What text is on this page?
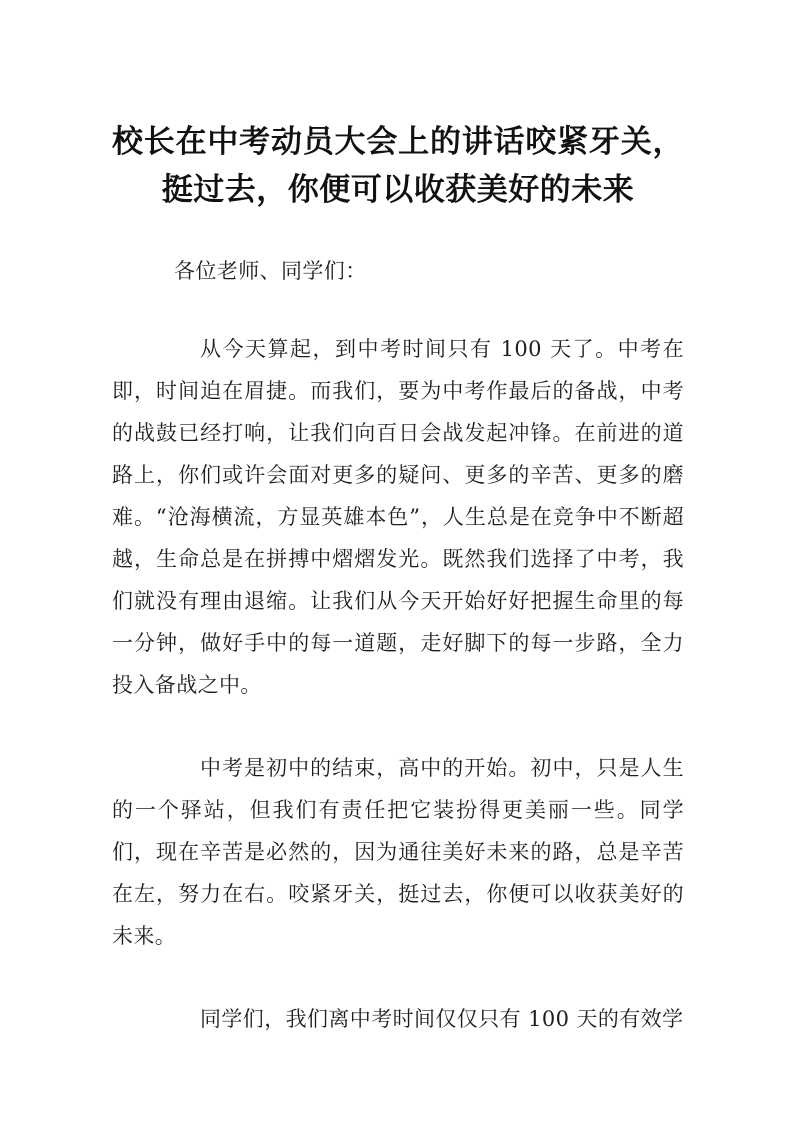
校长在中考动员大会上的讲话咬紧牙关，挺过去，你便可以收获美好的未来

各位老师、同学们：

从今天算起，到中考时间只有 100 天了。中考在即，时间迫在眉捷。而我们，要为中考作最后的备战，中考的战鼓已经打响，让我们向百日会战发起冲锋。在前进的道路上，你们或许会面对更多的疑问、更多的辛苦、更多的磨难。“沧海横流，方显英雄本色”，人生总是在竞争中不断超越，生命总是在拼搏中熠熠发光。既然我们选择了中考，我们就没有理由退缩。让我们从今天开始好好把握生命里的每一分钟，做好手中的每一道题，走好脚下的每一步路，全力投入备战之中。

中考是初中的结束，高中的开始。初中，只是人生的一个驿站，但我们有责任把它装扮得更美丽一些。同学们，现在辛苦是必然的，因为通往美好未来的路，总是辛苦在左，努力在右。咬紧牙关，挺过去，你便可以收获美好的未来。

同学们，我们离中考时间仅仅只有 100 天的有效学
